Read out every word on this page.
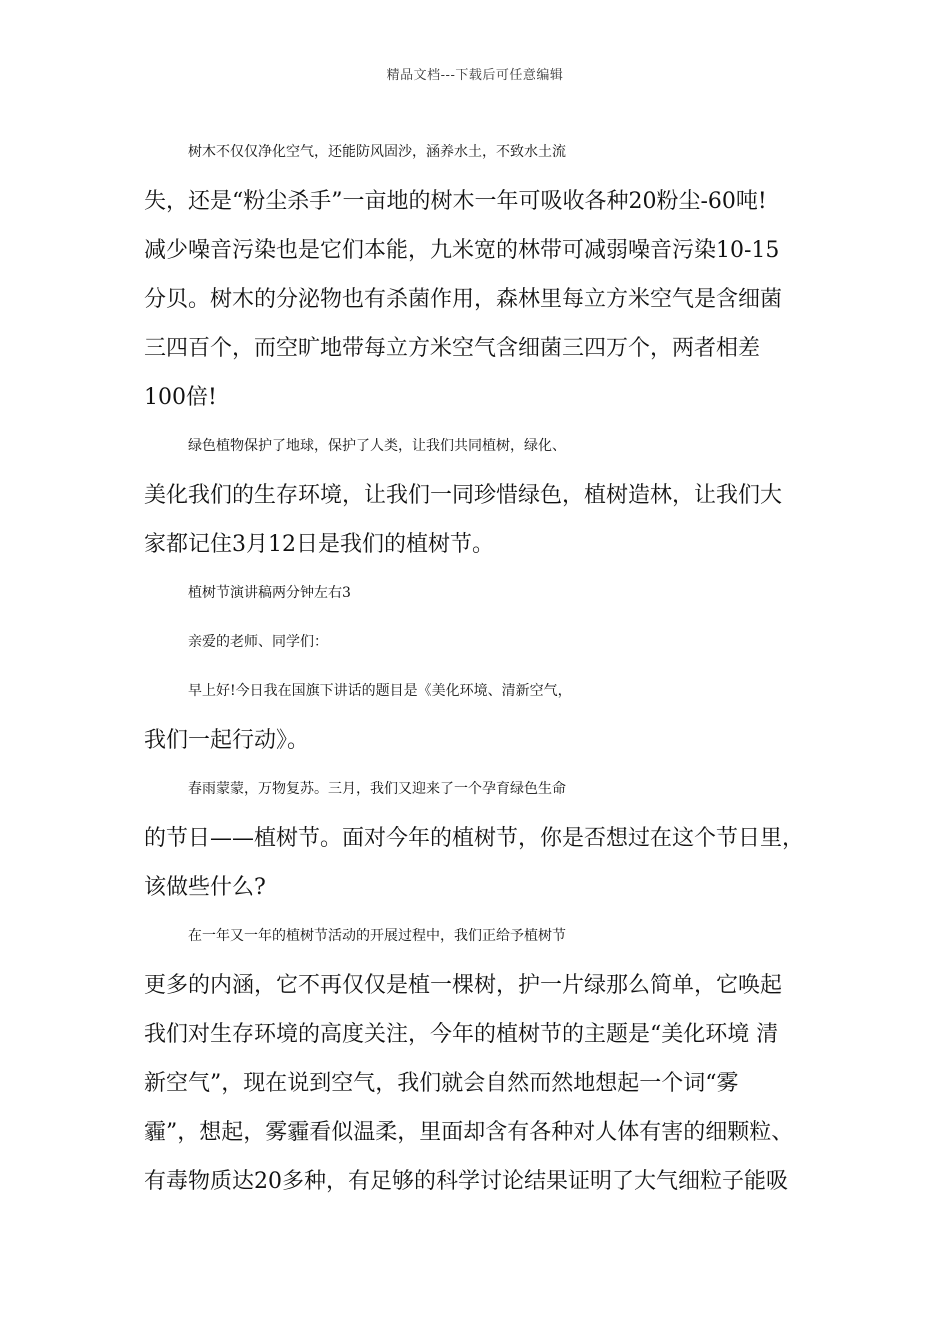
精品文档---下载后可任意编辑

树木不仅仅净化空气，还能防风固沙，涵养水土，不致水土流

失，还是“粉尘杀手”一亩地的树木一年可吸收各种20粉尘-60吨!

减少噪音污染也是它们本能，九米宽的林带可减弱噪音污染10-15

分贝。树木的分泌物也有杀菌作用，森林里每立方米空气是含细菌

三四百个，而空旷地带每立方米空气含细菌三四万个，两者相差

100倍!

绿色植物保护了地球，保护了人类，让我们共同植树，绿化、

美化我们的生存环境，让我们一同珍惜绿色，植树造林，让我们大

家都记住3月12日是我们的植树节。

植树节演讲稿两分钟左右3

亲爱的老师、同学们：

早上好!今日我在国旗下讲话的题目是《美化环境、清新空气，

我们一起行动》。

春雨蒙蒙，万物复苏。三月，我们又迎来了一个孕育绿色生命

的节日——植树节。面对今年的植树节，你是否想过在这个节日里，

该做些什么?

在一年又一年的植树节活动的开展过程中，我们正给予植树节

更多的内涵，它不再仅仅是植一棵树，护一片绿那么简单，它唤起

我们对生存环境的高度关注，今年的植树节的主题是“美化环境 清

新空气”，现在说到空气，我们就会自然而然地想起一个词“雾

霾”，想起，雾霾看似温柔，里面却含有各种对人体有害的细颗粒、

有毒物质达20多种，有足够的科学讨论结果证明了大气细粒子能吸
